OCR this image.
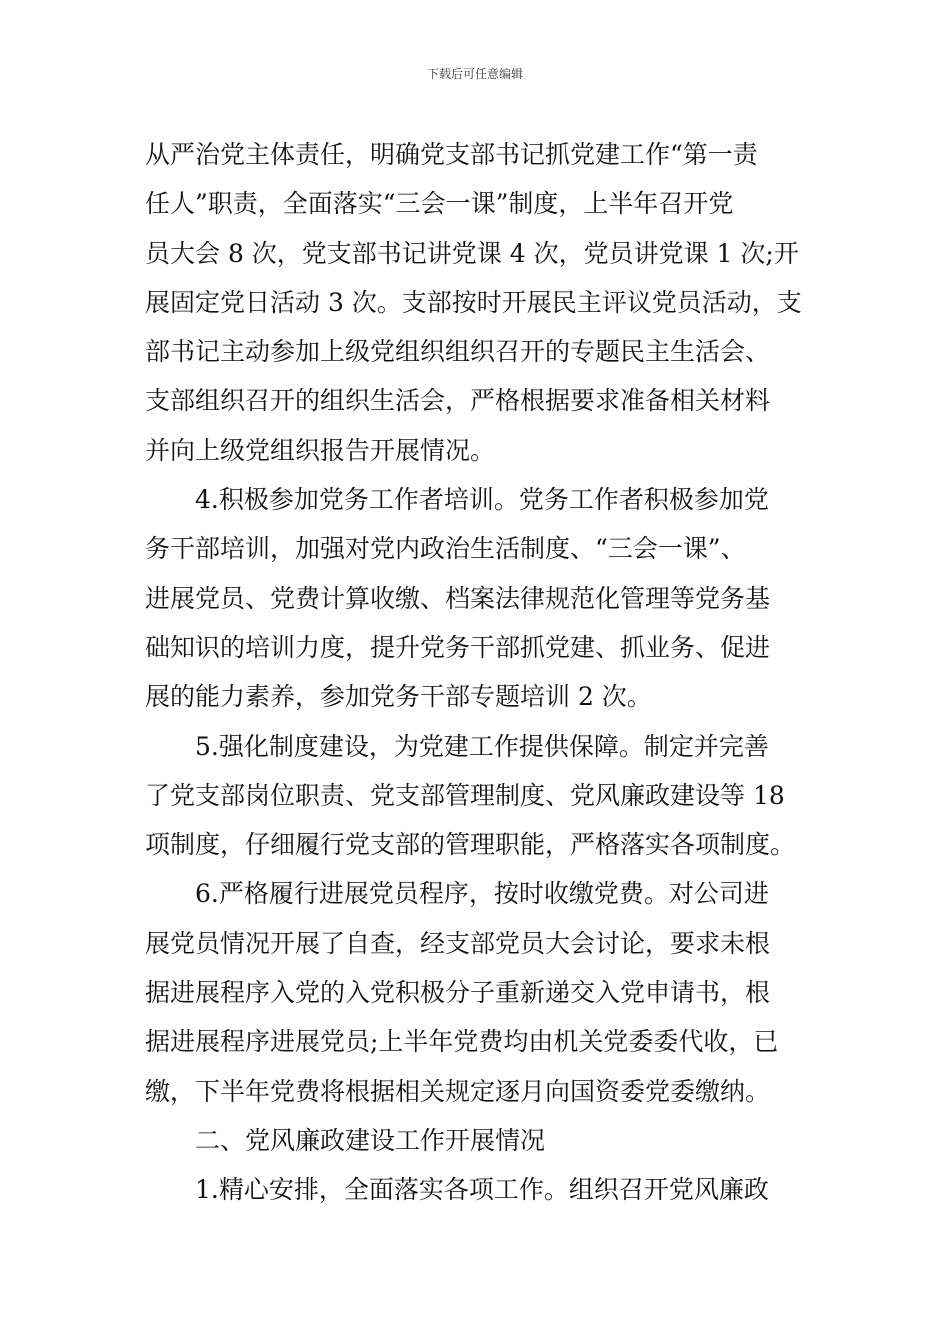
下载后可任意编辑
从严治党主体责任，明确党支部书记抓党建工作“第一责
任人”职责，全面落实“三会一课”制度，上半年召开党
员大会 8 次，党支部书记讲党课 4 次，党员讲党课 1 次;开
展固定党日活动 3 次。支部按时开展民主评议党员活动，支
部书记主动参加上级党组织组织召开的专题民主生活会、
支部组织召开的组织生活会，严格根据要求准备相关材料
并向上级党组织报告开展情况。
4.积极参加党务工作者培训。党务工作者积极参加党
务干部培训，加强对党内政治生活制度、“三会一课”、
进展党员、党费计算收缴、档案法律规范化管理等党务基
础知识的培训力度，提升党务干部抓党建、抓业务、促进
展的能力素养，参加党务干部专题培训 2 次。
5.强化制度建设，为党建工作提供保障。制定并完善
了党支部岗位职责、党支部管理制度、党风廉政建设等 18
项制度，仔细履行党支部的管理职能，严格落实各项制度。
6.严格履行进展党员程序，按时收缴党费。对公司进
展党员情况开展了自查，经支部党员大会讨论，要求未根
据进展程序入党的入党积极分子重新递交入党申请书，根
据进展程序进展党员;上半年党费均由机关党委委代收，已
缴，下半年党费将根据相关规定逐月向国资委党委缴纳。
二、党风廉政建设工作开展情况
1.精心安排，全面落实各项工作。组织召开党风廉政
